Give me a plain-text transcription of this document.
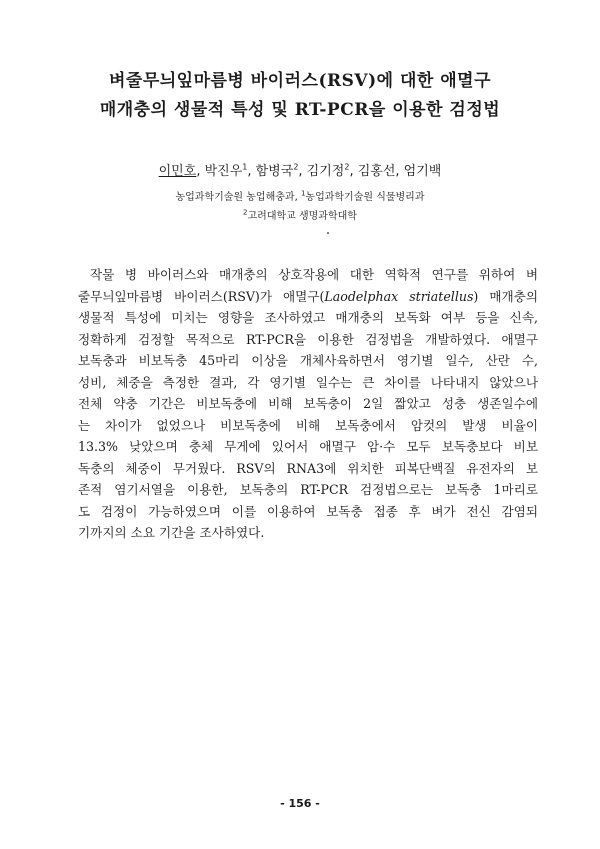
벼줄무늬잎마름병 바이러스(RSV)에 대한 애멸구
매개충의 생물적 특성 및 RT-PCR을 이용한 검정법
이민호, 박진우$^1$, 함병국$^2$, 김기정$^2$, 김홍선, 엄기백
농업과학기술원 농업해충과, $^1$농업과학기술원 식물병리과
$^2$고려대학교 생명과학대학
작물 병 바이러스와 매개충의 상호작용에 대한 역학적 연구를 위하여 벼
줄무늬잎마름병 바이러스(RSV)가 애멸구(Laodelphax striatellus) 매개충의
생물적 특성에 미치는 영향을 조사하였고 매개충의 보독화 여부 등을 신속,
정확하게 검정할 목적으로 RT-PCR을 이용한 검정법을 개발하였다. 애멸구
보독충과 비보독충 45마리 이상을 개체사육하면서 영기별 일수, 산란 수,
성비, 체중을 측정한 결과, 각 영기별 일수는 큰 차이를 나타내지 않았으나
전체 약충 기간은 비보독충에 비해 보독충이 2일 짧았고 성충 생존일수에
는 차이가 없었으나 비보독충에 비해 보독충에서 암컷의 발생 비율이
13.3% 낮았으며 충체 무게에 있어서 애멸구 암·수 모두 보독충보다 비보
독충의 체중이 무거웠다. RSV의 RNA3에 위치한 피복단백질 유전자의 보
존적 염기서열을 이용한, 보독충의 RT-PCR 검정법으로는 보독충 1마리로
도 검정이 가능하였으며 이를 이용하여 보독충 접종 후 벼가 전신 감염되
기까지의 소요 기간을 조사하였다.
- 156 -
